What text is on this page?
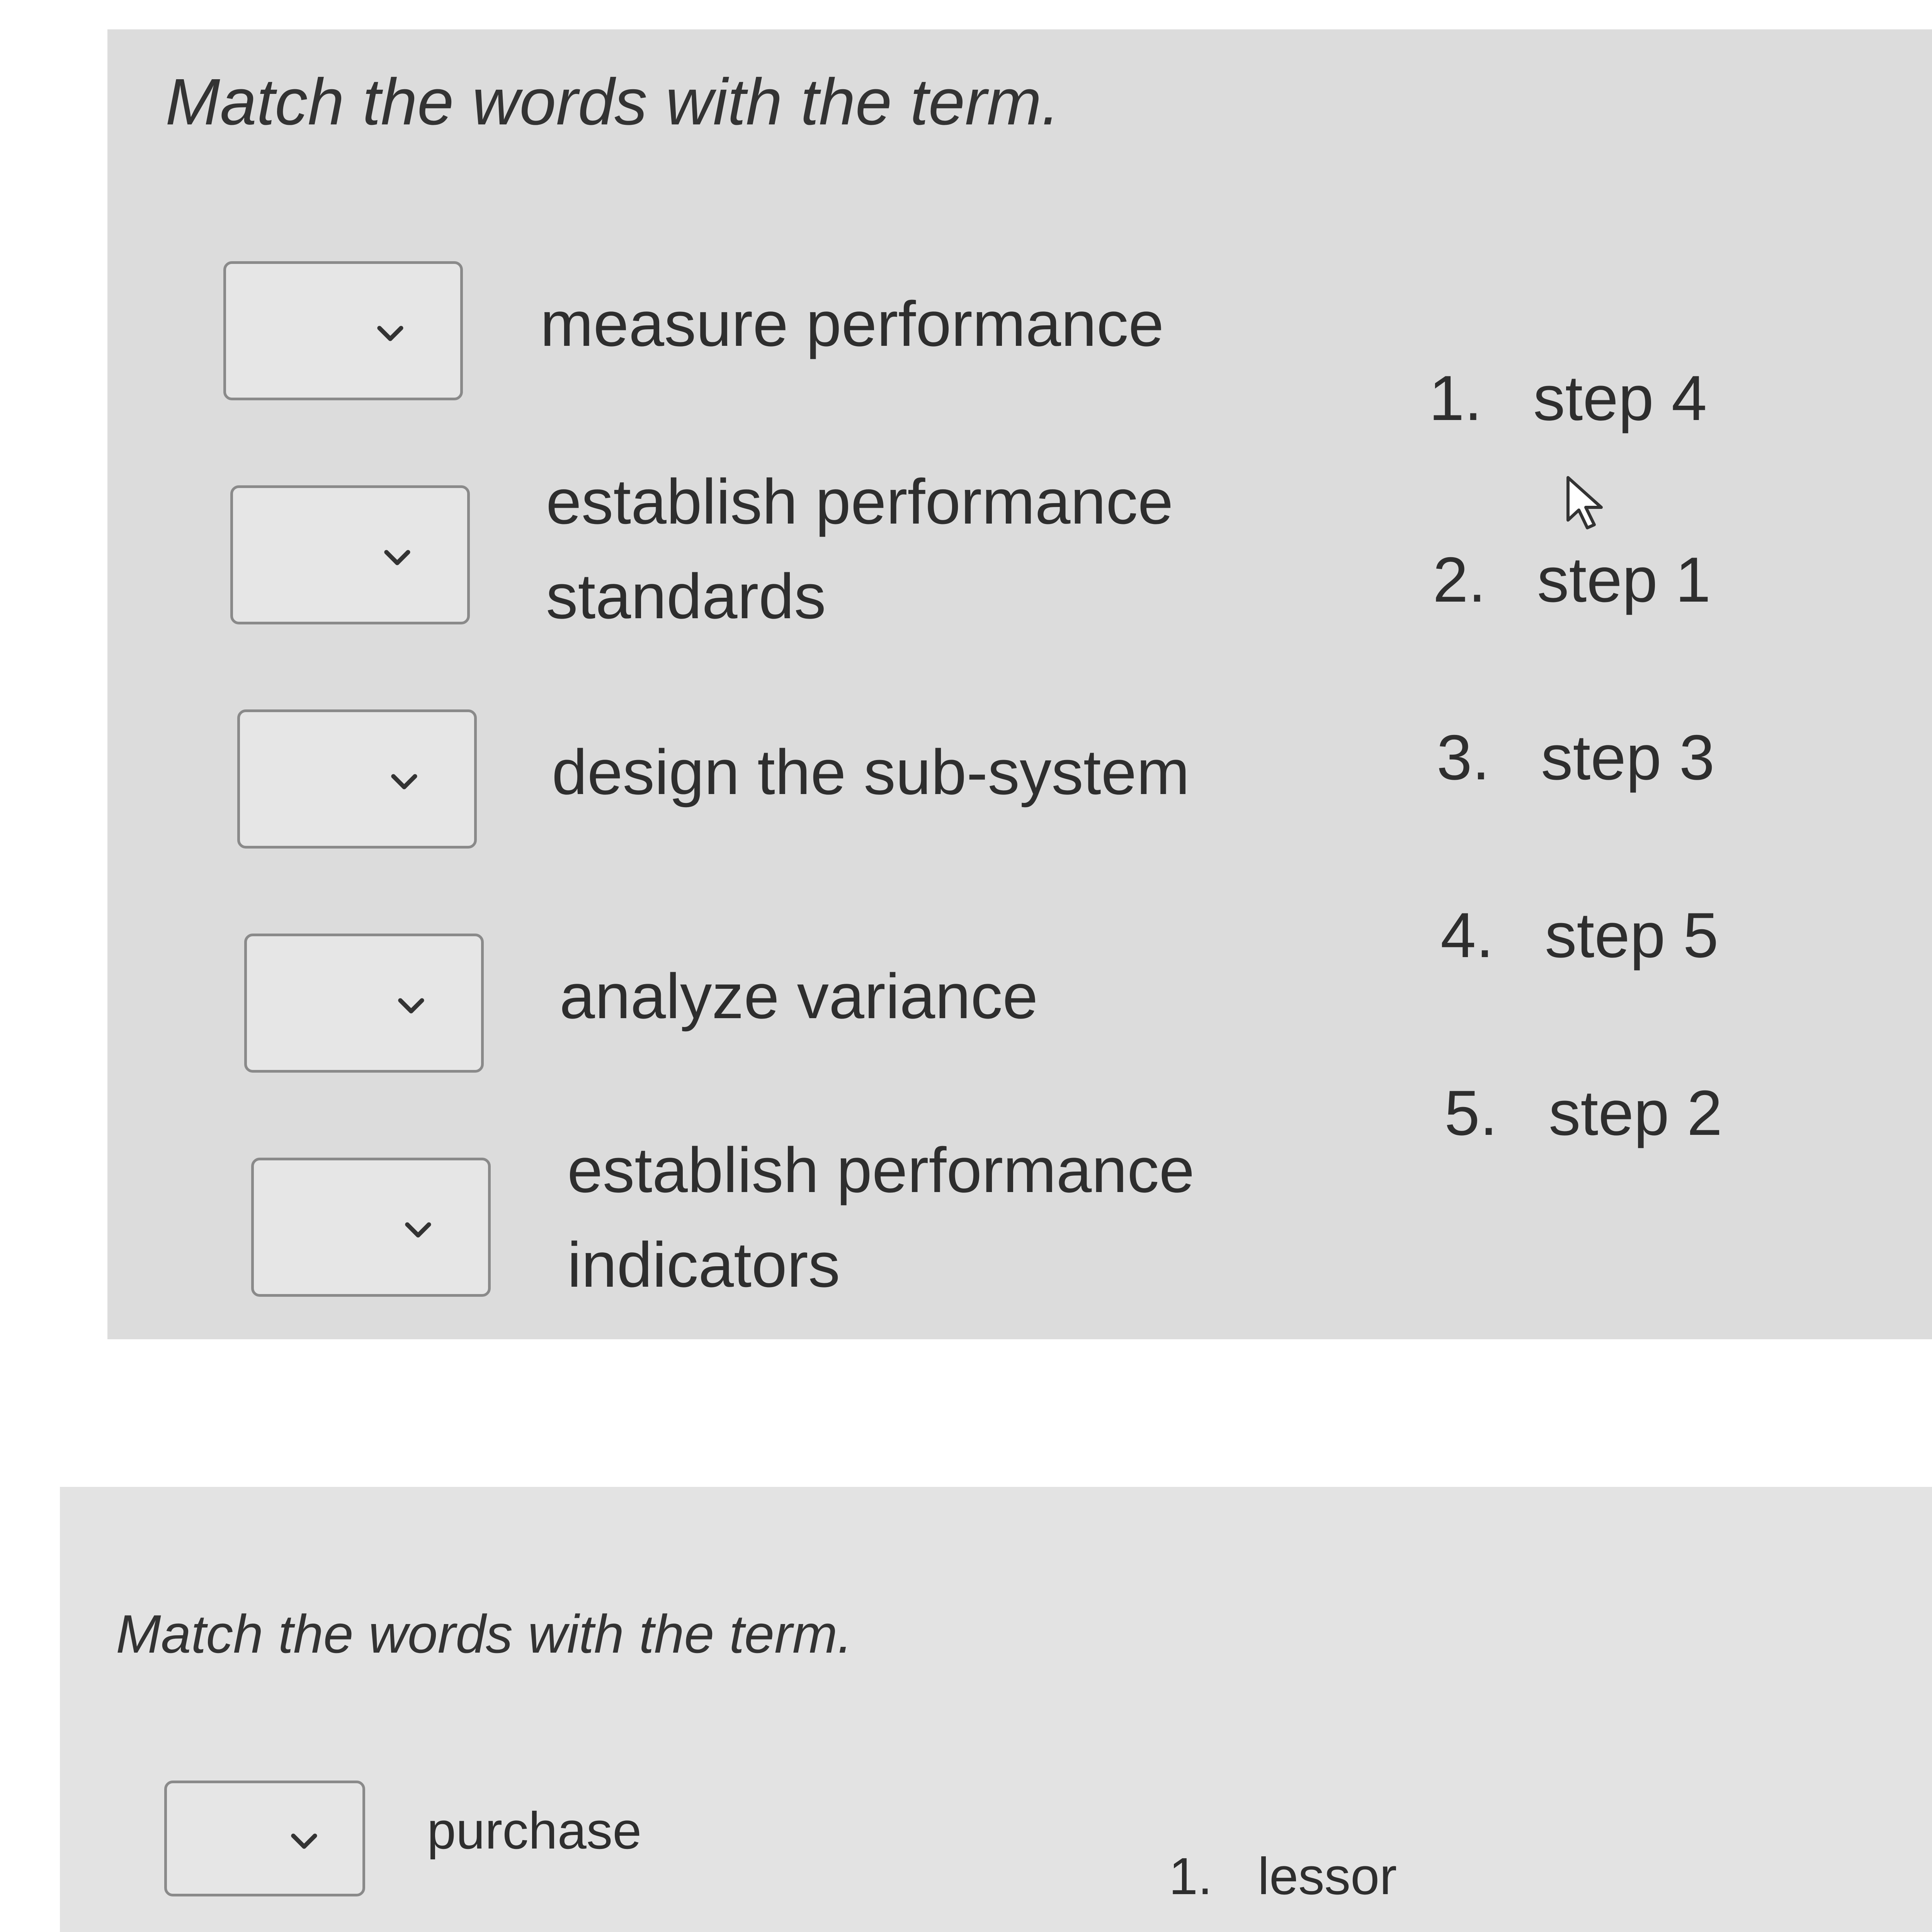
Match the words with the term.
measure performance
establish performance standards
design the sub-system
analyze variance
establish performance indicators
1. step 4
2. step 1
3. step 3
4. step 5
5. step 2
Match the words with the term.
purchase
1. lessor
